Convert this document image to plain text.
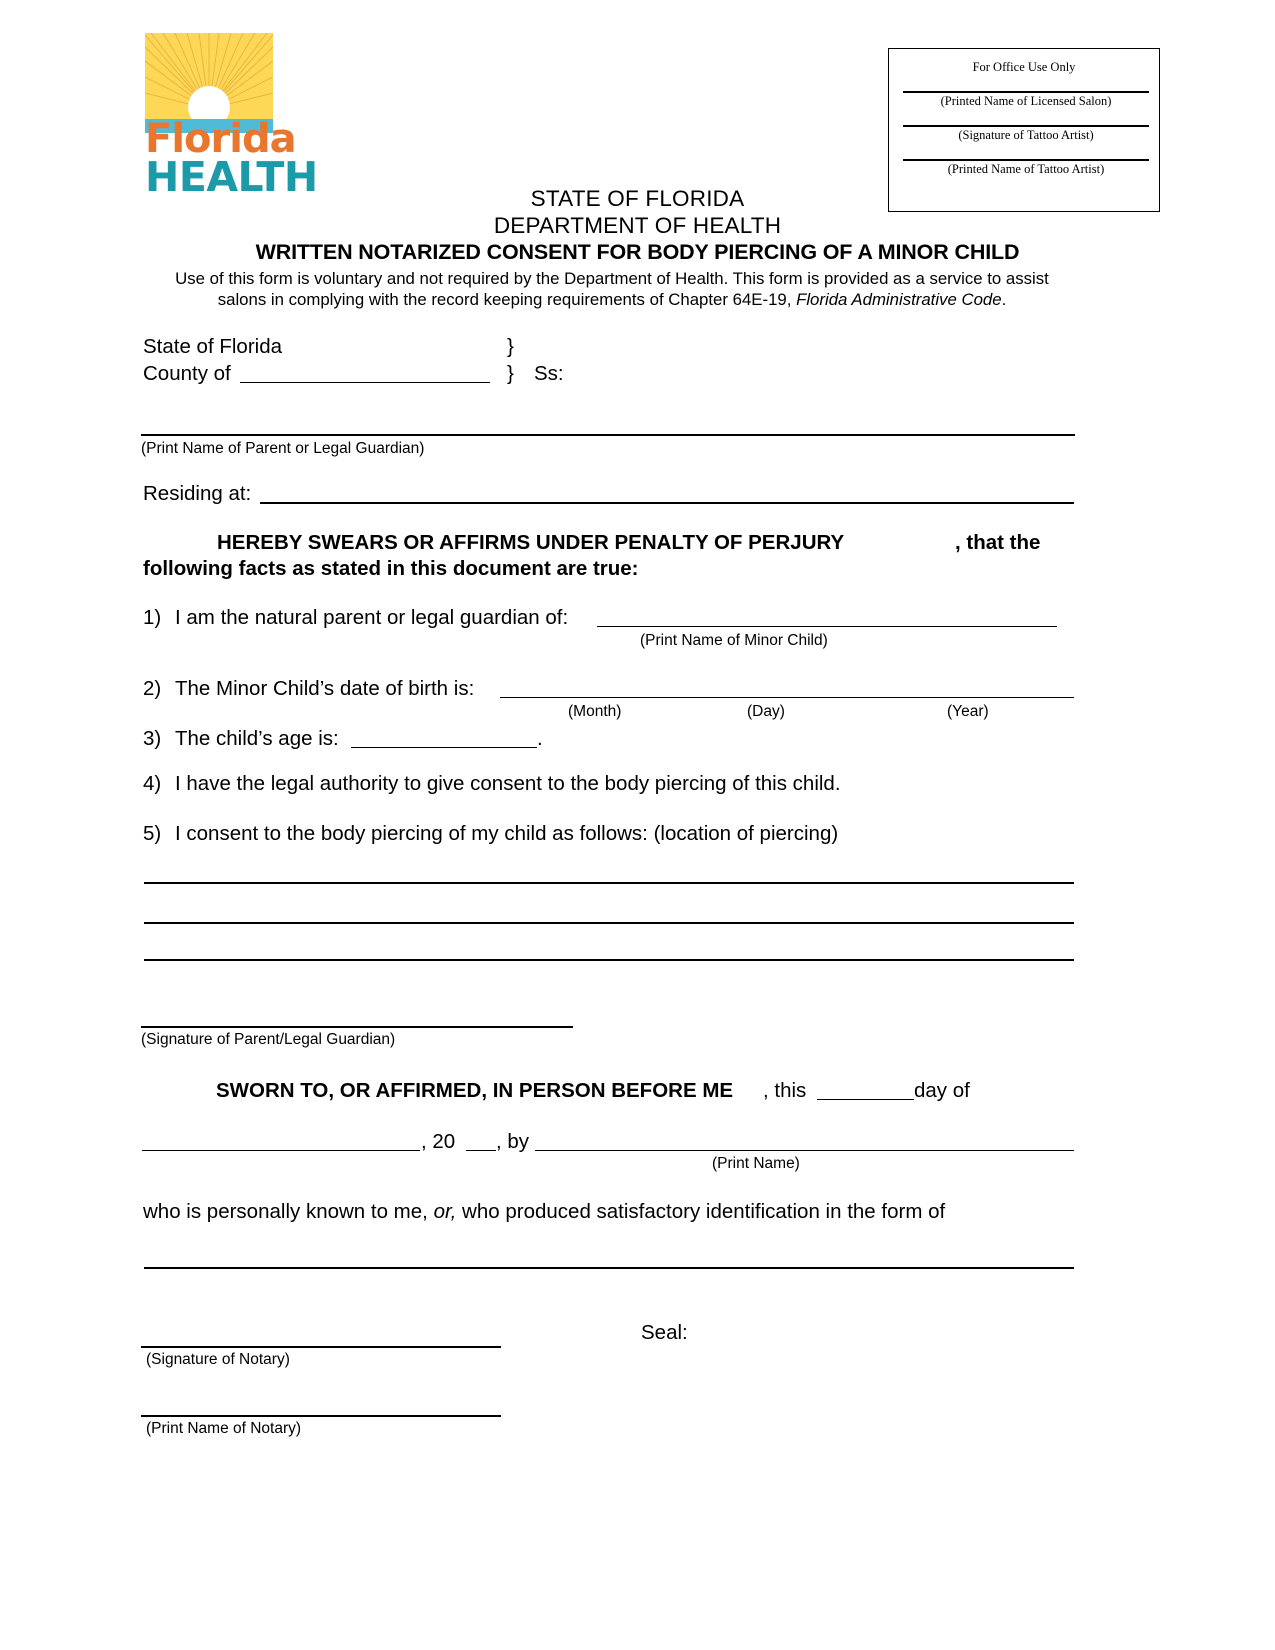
Florida
HEALTH
For Office Use Only
(Printed Name of Licensed Salon)
(Signature of Tattoo Artist)
(Printed Name of Tattoo Artist)
STATE OF FLORIDA
DEPARTMENT OF HEALTH
WRITTEN NOTARIZED CONSENT FOR BODY PIERCING OF A MINOR CHILD
Use of this form is voluntary and not required by the Department of Health. This form is provided as a service to assist salons in complying with the record keeping requirements of Chapter 64E-19, Florida Administrative Code.
State of Florida	}
County of	} Ss:
(Print Name of Parent or Legal Guardian)
Residing at:
HEREBY SWEARS OR AFFIRMS UNDER PENALTY OF PERJURY	, that the
following facts as stated in this document are true:
1) I am the natural parent or legal guardian of:
(Print Name of Minor Child)
2) The Minor Child’s date of birth is:
(Month)	(Day)	(Year)
3) The child’s age is:	.
4) I have the legal authority to give consent to the body piercing of this child.
5) I consent to the body piercing of my child as follows: (location of piercing)
(Signature of Parent/Legal Guardian)
SWORN TO, OR AFFIRMED, IN PERSON BEFORE ME , this	day of
, 20 , by
(Print Name)
who is personally known to me, or, who produced satisfactory identification in the form of
(Signature of Notary)
Seal:
(Print Name of Notary)
